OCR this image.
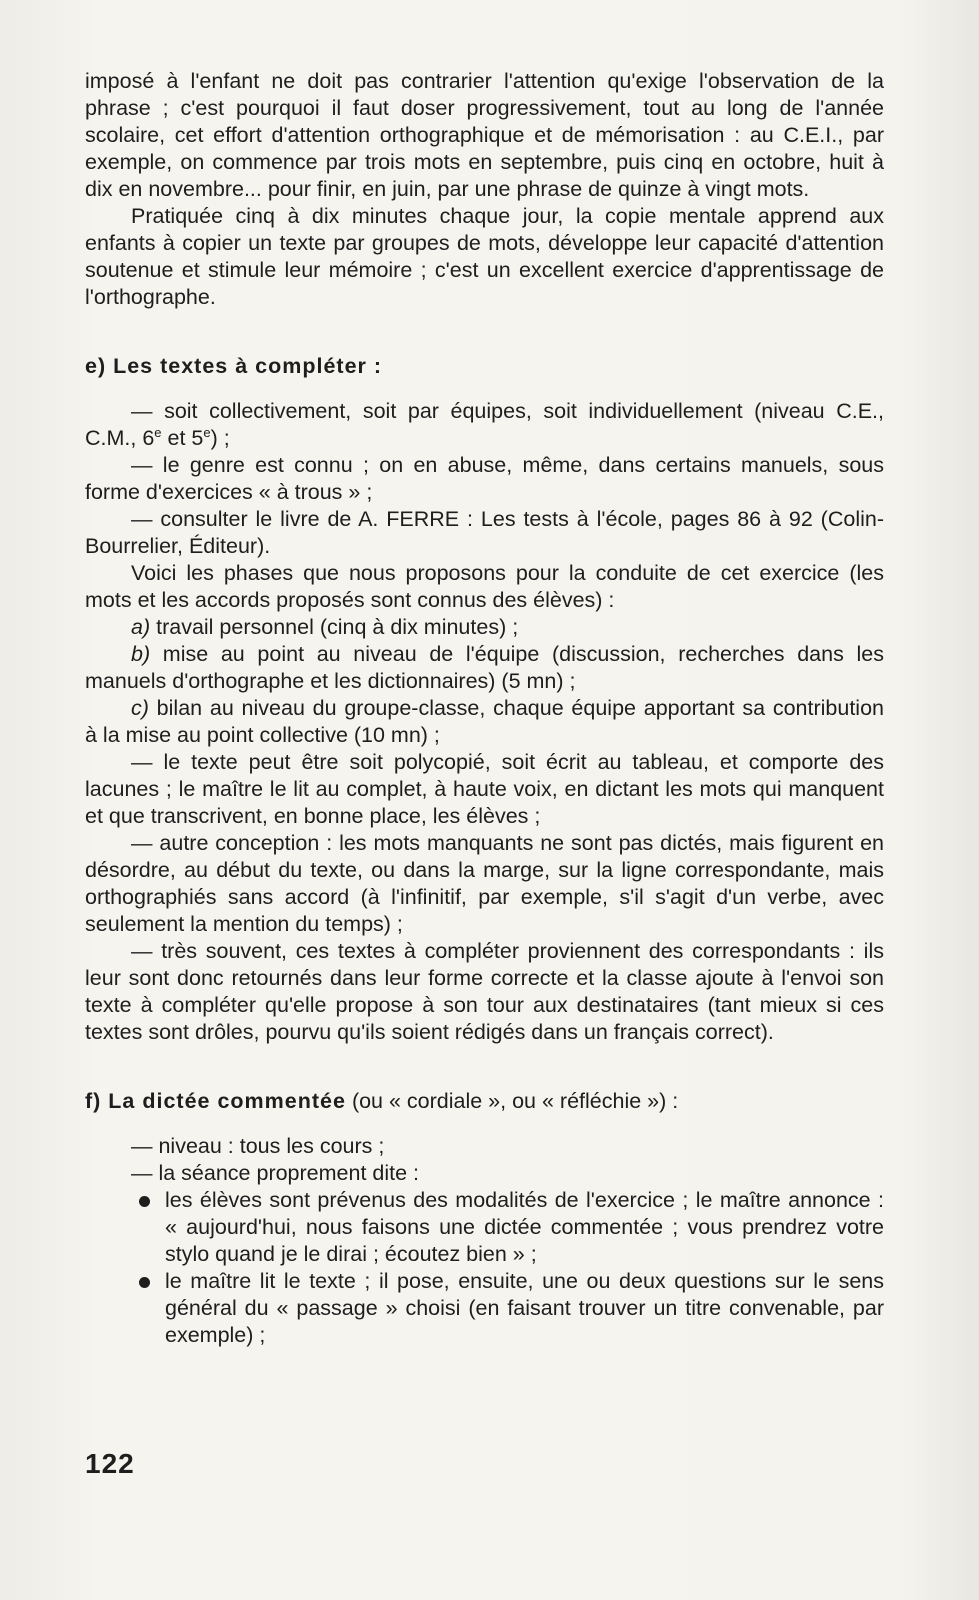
imposé à l'enfant ne doit pas contrarier l'attention qu'exige l'observation de la phrase ; c'est pourquoi il faut doser progressivement, tout au long de l'année scolaire, cet effort d'attention orthographique et de mémorisation : au C.E.I., par exemple, on commence par trois mots en septembre, puis cinq en octobre, huit à dix en novembre... pour finir, en juin, par une phrase de quinze à vingt mots.

Pratiquée cinq à dix minutes chaque jour, la copie mentale apprend aux enfants à copier un texte par groupes de mots, développe leur capacité d'attention soutenue et stimule leur mémoire ; c'est un excellent exercice d'apprentissage de l'orthographe.

e) Les textes à compléter :

— soit collectivement, soit par équipes, soit individuellement (niveau C.E., C.M., 6e et 5e) ;

— le genre est connu ; on en abuse, même, dans certains manuels, sous forme d'exercices « à trous » ;

— consulter le livre de A. FERRE : Les tests à l'école, pages 86 à 92 (Colin-Bourrelier, Éditeur).

Voici les phases que nous proposons pour la conduite de cet exercice (les mots et les accords proposés sont connus des élèves) :

a) travail personnel (cinq à dix minutes) ;

b) mise au point au niveau de l'équipe (discussion, recherches dans les manuels d'orthographe et les dictionnaires) (5 mn) ;

c) bilan au niveau du groupe-classe, chaque équipe apportant sa contribution à la mise au point collective (10 mn) ;

— le texte peut être soit polycopié, soit écrit au tableau, et comporte des lacunes ; le maître le lit au complet, à haute voix, en dictant les mots qui manquent et que transcrivent, en bonne place, les élèves ;

— autre conception : les mots manquants ne sont pas dictés, mais figurent en désordre, au début du texte, ou dans la marge, sur la ligne correspondante, mais orthographiés sans accord (à l'infinitif, par exemple, s'il s'agit d'un verbe, avec seulement la mention du temps) ;

— très souvent, ces textes à compléter proviennent des correspondants : ils leur sont donc retournés dans leur forme correcte et la classe ajoute à l'envoi son texte à compléter qu'elle propose à son tour aux destinataires (tant mieux si ces textes sont drôles, pourvu qu'ils soient rédigés dans un français correct).

f) La dictée commentée (ou « cordiale », ou « réfléchie ») :

— niveau : tous les cours ;

— la séance proprement dite :

les élèves sont prévenus des modalités de l'exercice ; le maître annonce : « aujourd'hui, nous faisons une dictée commentée ; vous prendrez votre stylo quand je le dirai ; écoutez bien » ;
le maître lit le texte ; il pose, ensuite, une ou deux questions sur le sens général du « passage » choisi (en faisant trouver un titre convenable, par exemple) ;
122
